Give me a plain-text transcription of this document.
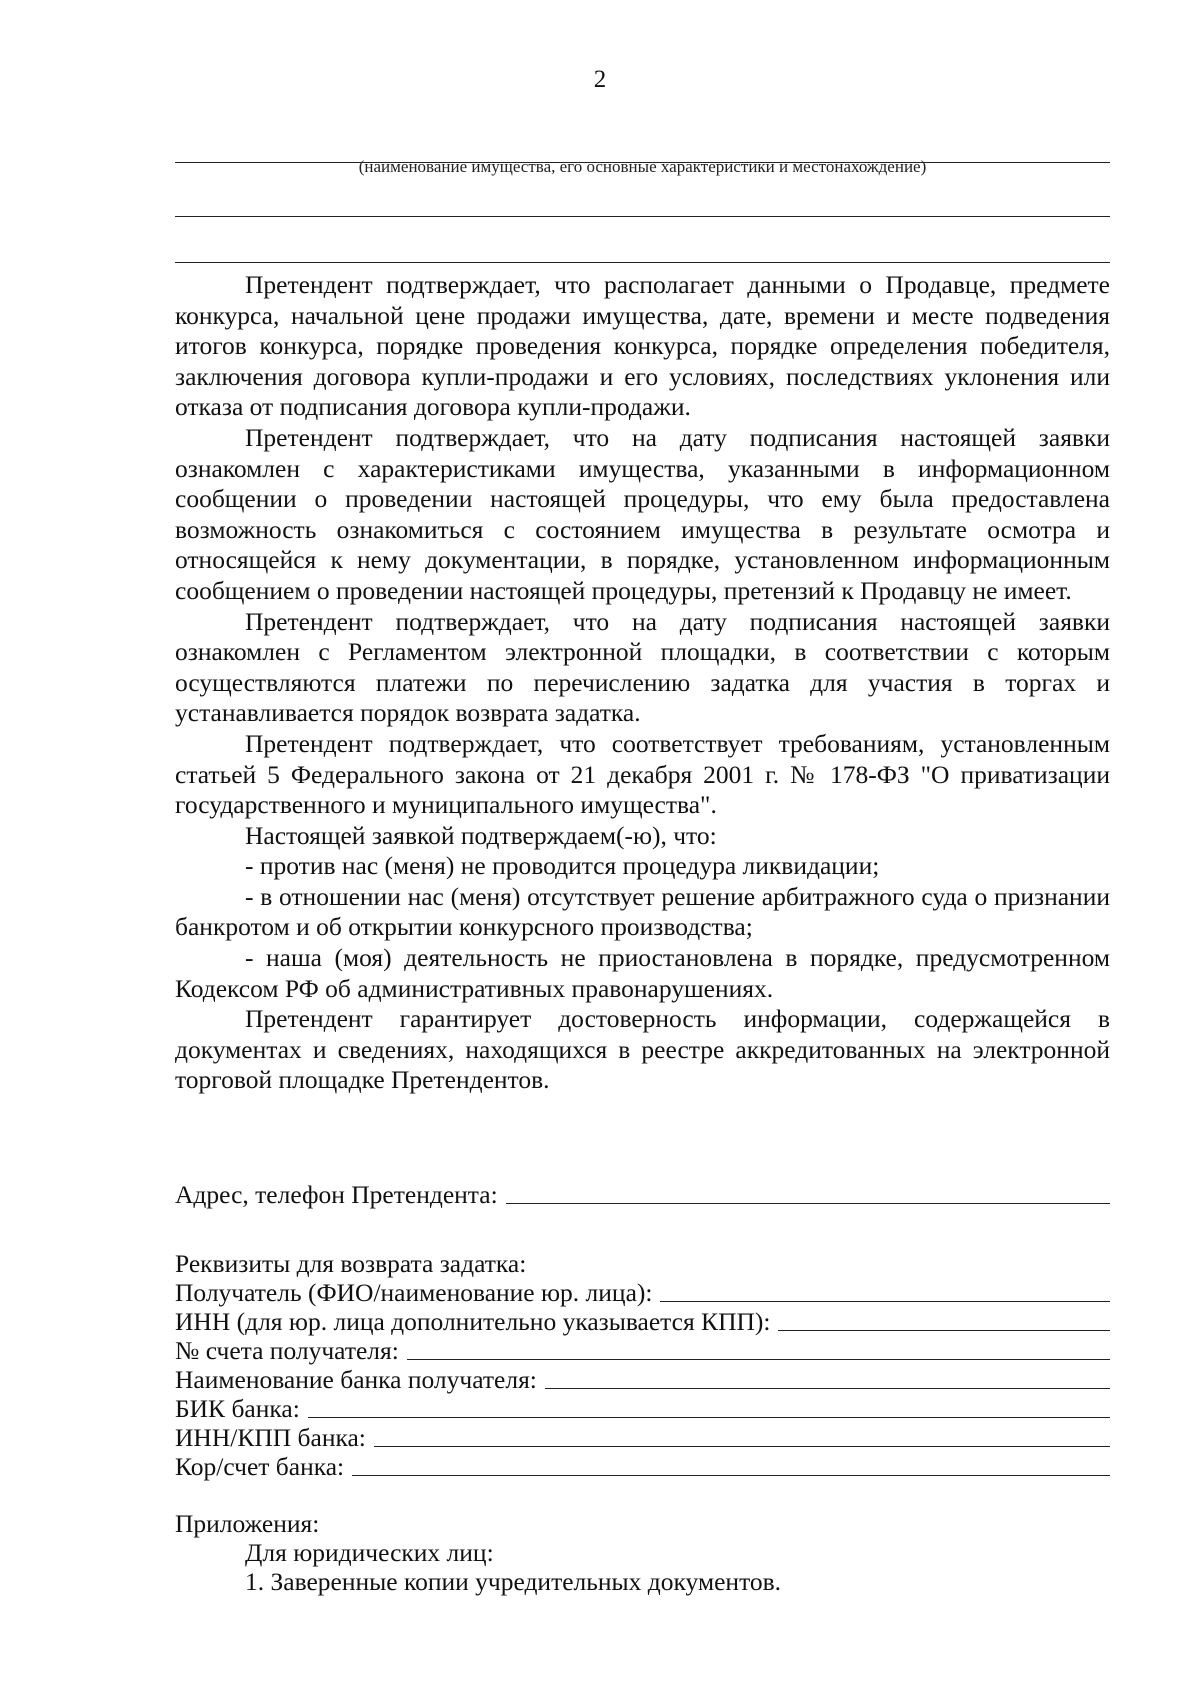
2
(наименование имущества, его основные характеристики и местонахождение)

Претендент подтверждает, что располагает данными о Продавце, предмете конкурса, начальной цене продажи имущества, дате, времени и месте подведения итогов конкурса, порядке проведения конкурса, порядке определения победителя, заключения договора купли-продажи и его условиях, последствиях уклонения или отказа от подписания договора купли-продажи.

Претендент подтверждает, что на дату подписания настоящей заявки ознакомлен с характеристиками имущества, указанными в информационном сообщении о проведении настоящей процедуры, что ему была предоставлена возможность ознакомиться с состоянием имущества в результате осмотра и относящейся к нему документации, в порядке, установленном информационным сообщением о проведении настоящей процедуры, претензий к Продавцу не имеет.

Претендент подтверждает, что на дату подписания настоящей заявки ознакомлен с Регламентом электронной площадки, в соответствии с которым осуществляются платежи по перечислению задатка для участия в торгах и устанавливается порядок возврата задатка.

Претендент подтверждает, что соответствует требованиям, установленным статьей 5 Федерального закона от 21 декабря 2001 г. № 178-ФЗ "О приватизации государственного и муниципального имущества".

Настоящей заявкой подтверждаем(-ю), что:

- против нас (меня) не проводится процедура ликвидации;

- в отношении нас (меня) отсутствует решение арбитражного суда о признании банкротом и об открытии конкурсного производства;

- наша (моя) деятельность не приостановлена в порядке, предусмотренном Кодексом РФ об административных правонарушениях.

Претендент гарантирует достоверность информации, содержащейся в документах и сведениях, находящихся в реестре аккредитованных на электронной торговой площадке Претендентов.

Адрес, телефон Претендента:
Реквизиты для возврата задатка:
Получатель (ФИО/наименование юр. лица):
ИНН (для юр. лица дополнительно указывается КПП):
№ счета получателя:
Наименование банка получателя:
БИК банка:
ИНН/КПП банка:
Кор/счет банка:
Приложения:
Для юридических лиц:
1. Заверенные копии учредительных документов.
